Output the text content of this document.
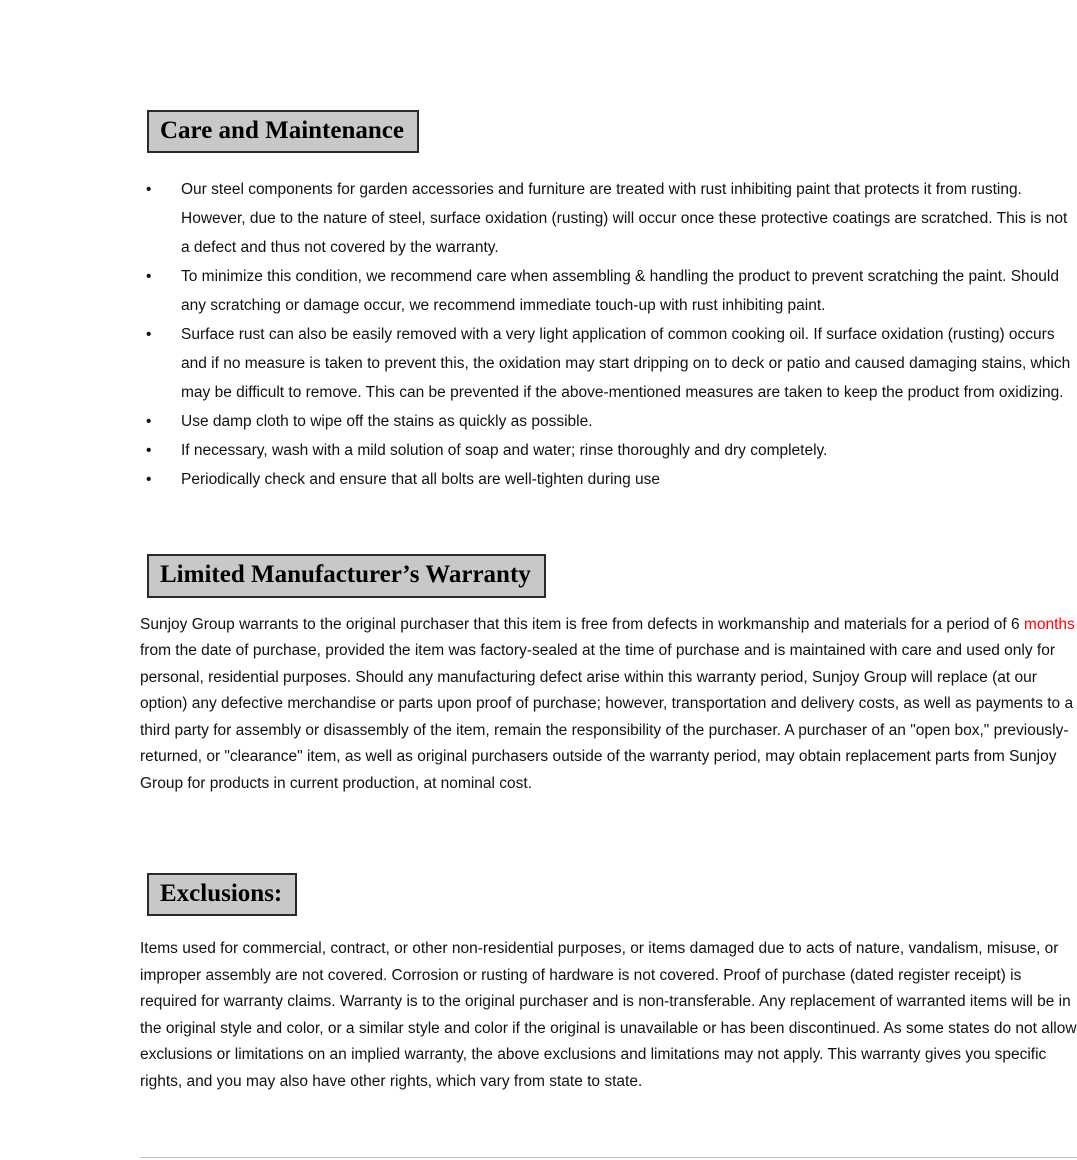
Care and Maintenance
• Our steel components for garden accessories and furniture are treated with rust inhibiting paint that protects it from rusting. However, due to the nature of steel, surface oxidation (rusting) will occur once these protective coatings are scratched. This is not a defect and thus not covered by the warranty.
• To minimize this condition, we recommend care when assembling & handling the product to prevent scratching the paint. Should any scratching or damage occur, we recommend immediate touch-up with rust inhibiting paint.
• Surface rust can also be easily removed with a very light application of common cooking oil. If surface oxidation (rusting) occurs and if no measure is taken to prevent this, the oxidation may start dripping on to deck or patio and caused damaging stains, which may be difficult to remove. This can be prevented if the above-mentioned measures are taken to keep the product from oxidizing.
• Use damp cloth to wipe off the stains as quickly as possible.
• If necessary, wash with a mild solution of soap and water; rinse thoroughly and dry completely.
• Periodically check and ensure that all bolts are well-tighten during use
Limited Manufacturer’s Warranty

Sunjoy Group warrants to the original purchaser that this item is free from defects in workmanship and materials for a period of 6 months from the date of purchase, provided the item was factory-sealed at the time of purchase and is maintained with care and used only for personal, residential purposes. Should any manufacturing defect arise within this warranty period, Sunjoy Group will replace (at our option) any defective merchandise or parts upon proof of purchase; however, transportation and delivery costs, as well as payments to a third party for assembly or disassembly of the item, remain the responsibility of the purchaser. A purchaser of an "open box," previously-returned, or "clearance" item, as well as original purchasers outside of the warranty period, may obtain replacement parts from Sunjoy Group for products in current production, at nominal cost.

Exclusions:

Items used for commercial, contract, or other non-residential purposes, or items damaged due to acts of nature, vandalism, misuse, or improper assembly are not covered. Corrosion or rusting of hardware is not covered. Proof of purchase (dated register receipt) is required for warranty claims. Warranty is to the original purchaser and is non-transferable. Any replacement of warranted items will be in the original style and color, or a similar style and color if the original is unavailable or has been discontinued. As some states do not allow exclusions or limitations on an implied warranty, the above exclusions and limitations may not apply. This warranty gives you specific rights, and you may also have other rights, which vary from state to state.
